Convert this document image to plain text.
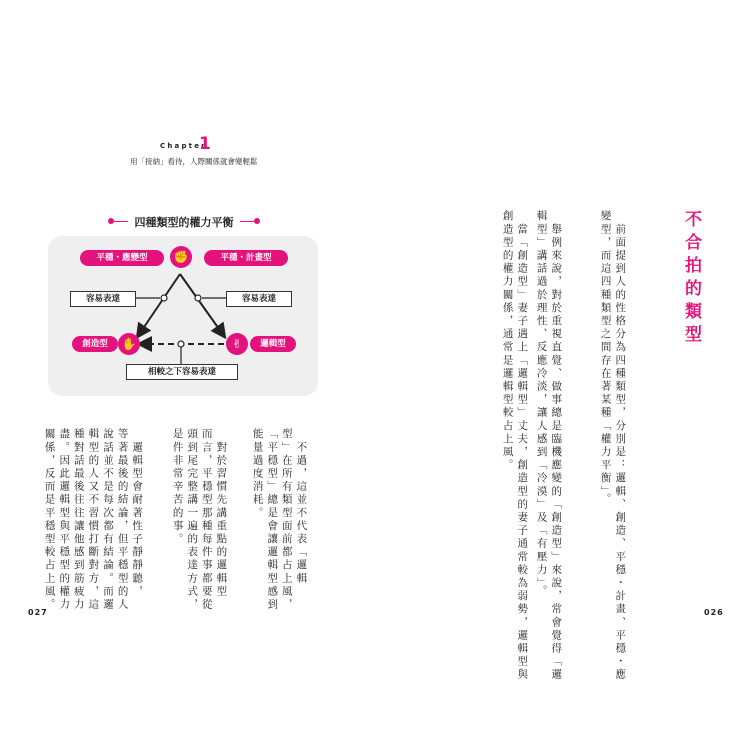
Chapter
1
用「接納」看待，人際關係就會變輕鬆
四種類型的權力平衡
✊
平穩・應變型	平穩・計畫型
容易表達	容易表達
創造型	✋	✌	邏輯型
相較之下容易表達
　不過，這並不代表「邏輯
型」在所有類型面前都占上風，
「平穩型」總是會讓邏輯型感到
能量過度消耗。
　對於習慣先講重點的邏輯型
而言，平穩型那種每件事都要從
頭到尾完整講一遍的表達方式，
是件非常辛苦的事。
　邏輯型會耐著性子靜靜聽，
等著最後的結論，但平穩型的人
說話並不是每次都有結論。而邏
輯型的人又不習慣打斷對方，這
種對話最後往往讓他感到筋疲力
盡。因此邏輯型與平穩型的權力
關係，反而是平穩型較占上風。
027
不合拍的類型
　前面提到人的性格分為四種類型，分別是：邏輯、創造、平穩・計畫、平穩・應
變型，而這四種類型之間存在著某種「權力平衡」。
　舉例來說，對於重視直覺、做事總是臨機應變的「創造型」來說，常會覺得「邏
輯型」講話過於理性、反應冷淡，讓人感到「冷漠」及「有壓力」。
　當「創造型」妻子遇上「邏輯型」丈夫，創造型的妻子通常較為弱勢，邏輯型與
創造型的權力關係，通常是邏輯型較占上風。
026
